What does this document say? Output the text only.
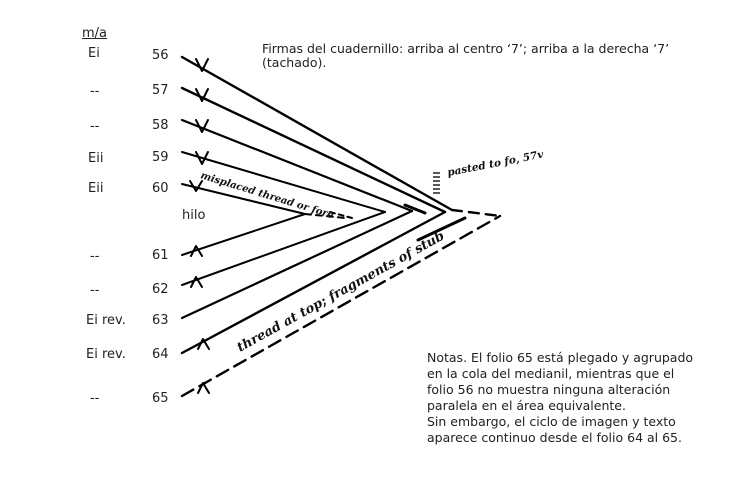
misplaced thread or fore
thread at top; fragments of stub
pasted to fo, 57v
m/a
Ei
--
--
Eii
Eii
--
--
Ei rev.
Ei rev.
--
56
57
58
59
60
61
62
63
64
65
hilo
Firmas del cuadernillo: arriba al centro ‘7’; arriba a la derecha ‘7’ (tachado).
Notas. El folio 65 está plegado y agrupado en la cola del medianil, mientras que el folio 56 no muestra ninguna alteración paralela en el área equivalente.
Sin embargo, el ciclo de imagen y texto aparece continuo desde el folio 64 al 65.
